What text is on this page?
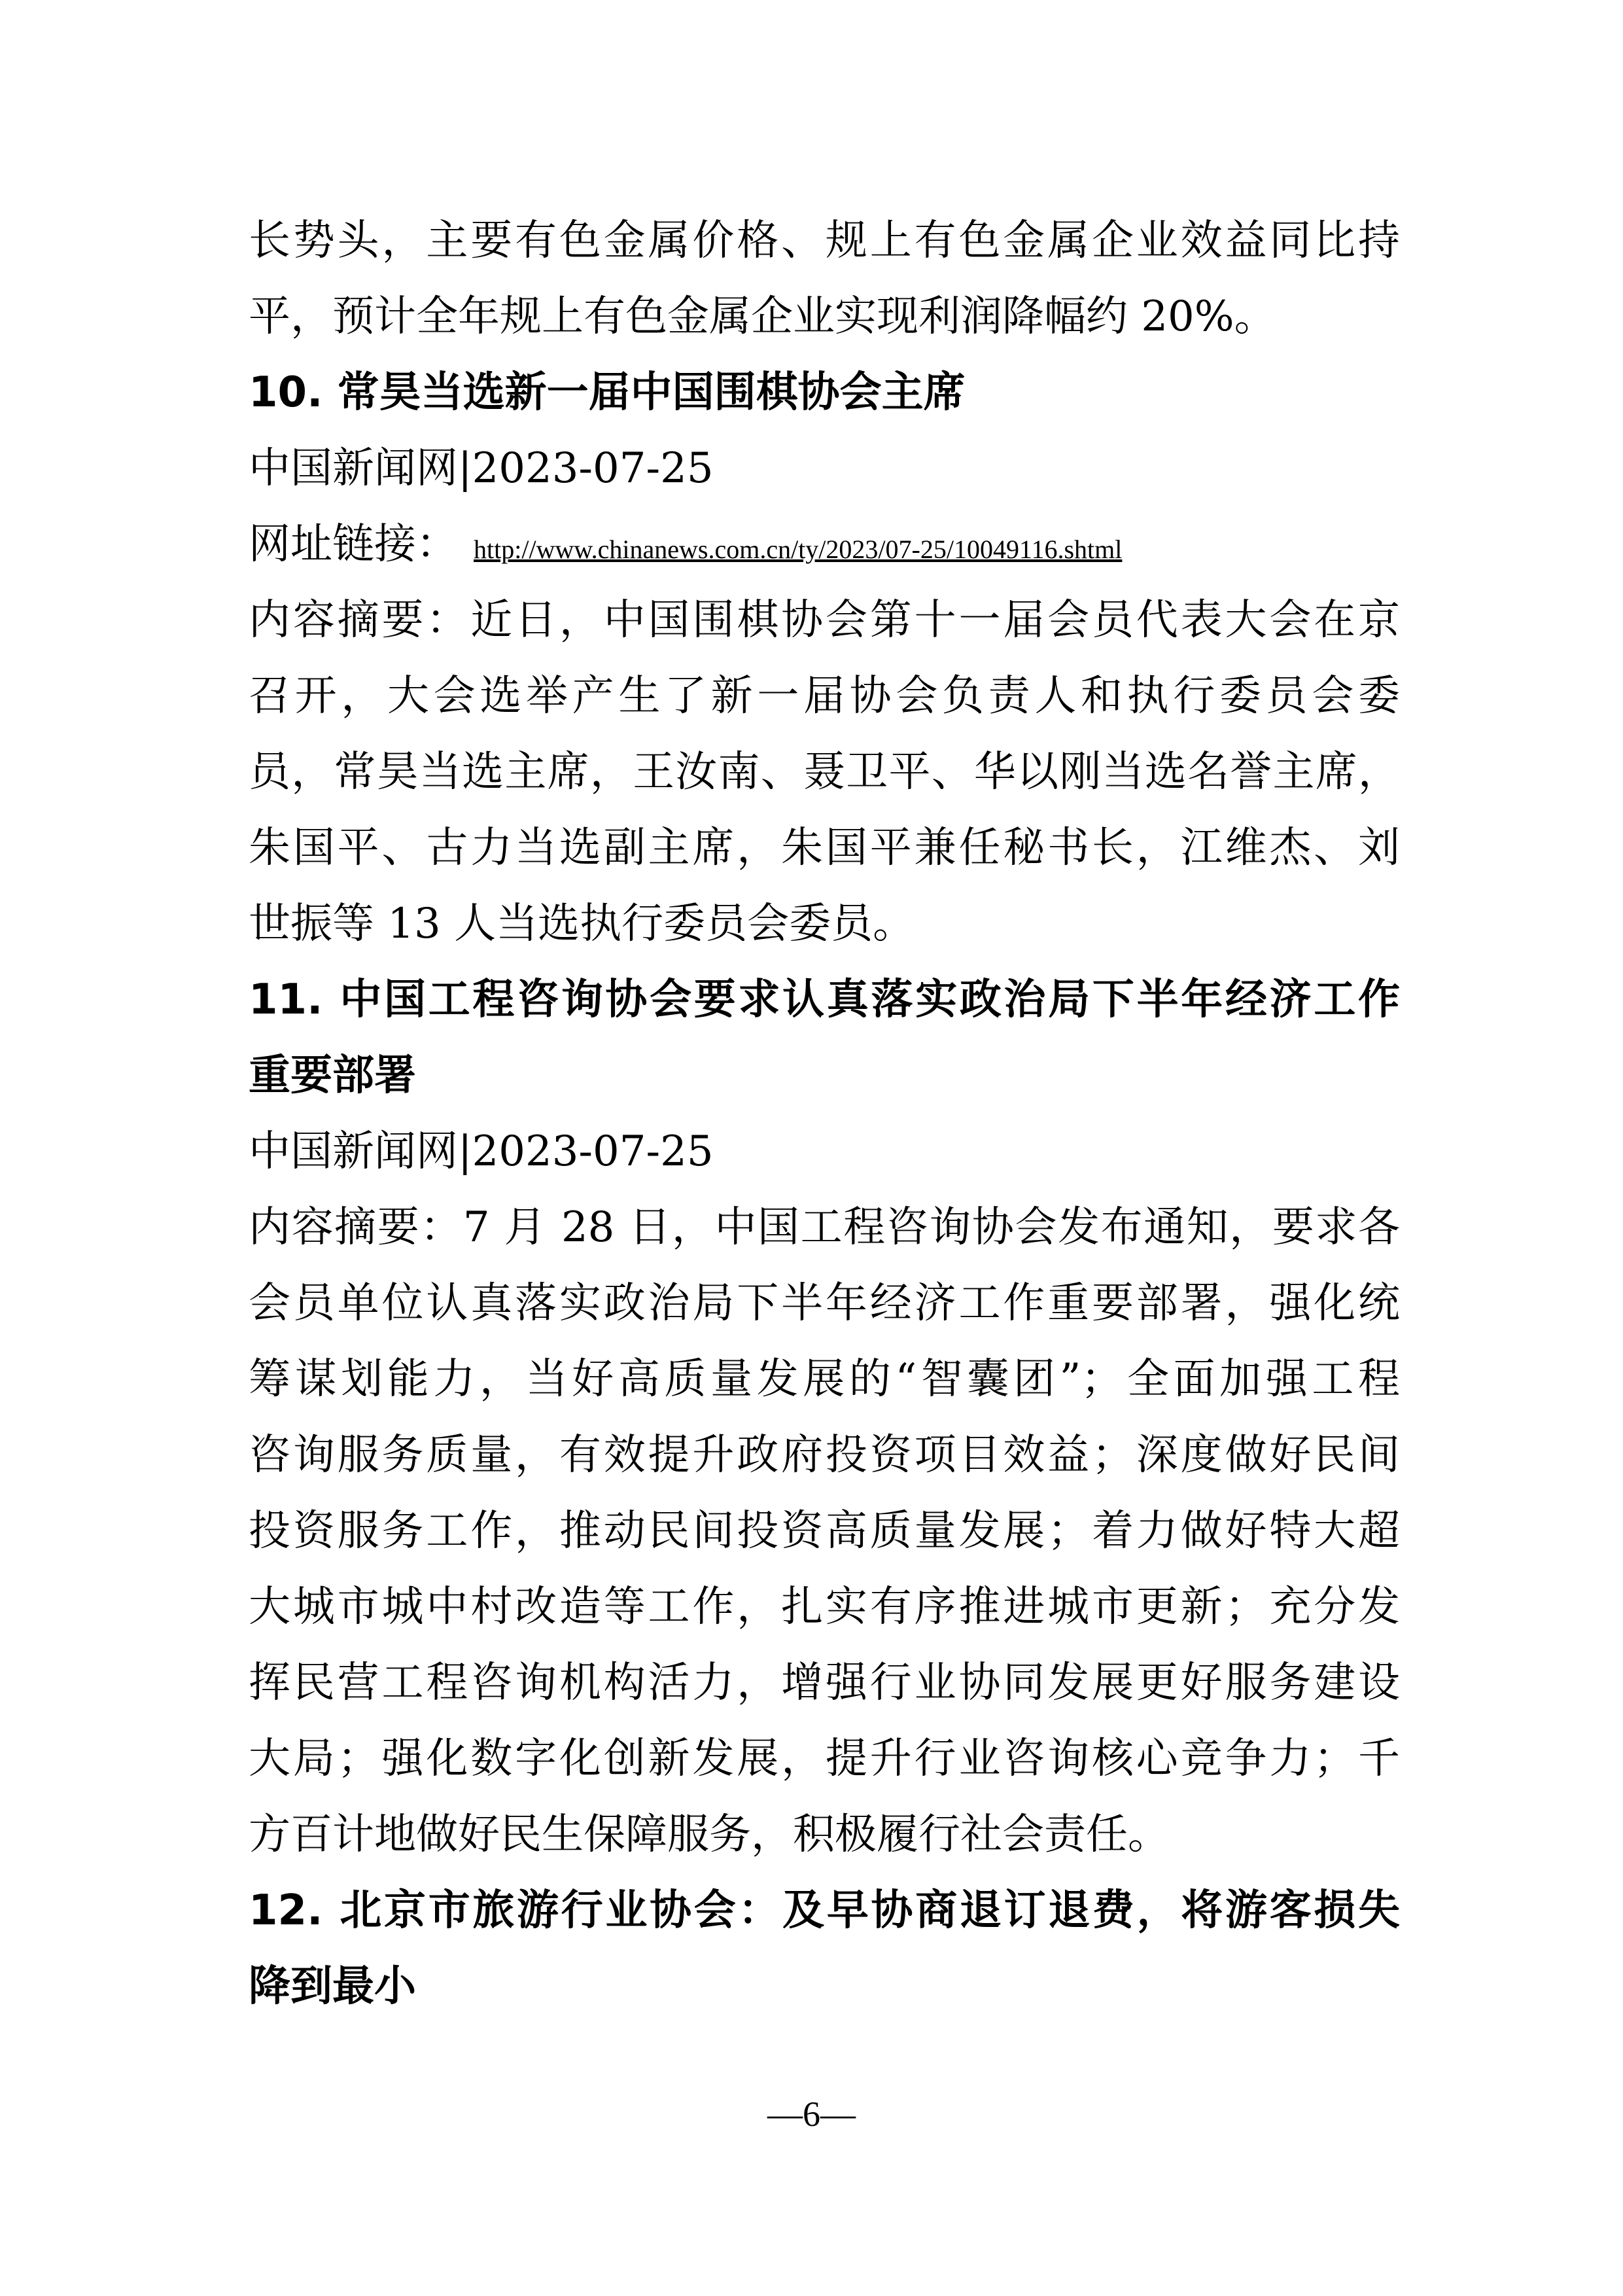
长势头，主要有色金属价格、规上有色金属企业效益同比持

平，预计全年规上有色金属企业实现利润降幅约 20%。

10. 常昊当选新一届中国围棋协会主席

中国新闻网|2023-07-25

网址链接： http://www.chinanews.com.cn/ty/2023/07-25/10049116.shtml

内容摘要：近日，中国围棋协会第十一届会员代表大会在京

召开，大会选举产生了新一届协会负责人和执行委员会委

员，常昊当选主席，王汝南、聂卫平、华以刚当选名誉主席，

朱国平、古力当选副主席，朱国平兼任秘书长，江维杰、刘

世振等 13 人当选执行委员会委员。

11. 中国工程咨询协会要求认真落实政治局下半年经济工作

重要部署

中国新闻网|2023-07-25

内容摘要：7 月 28 日，中国工程咨询协会发布通知，要求各

会员单位认真落实政治局下半年经济工作重要部署，强化统

筹谋划能力，当好高质量发展的“智囊团”；全面加强工程

咨询服务质量，有效提升政府投资项目效益；深度做好民间

投资服务工作，推动民间投资高质量发展；着力做好特大超

大城市城中村改造等工作，扎实有序推进城市更新；充分发

挥民营工程咨询机构活力，增强行业协同发展更好服务建设

大局；强化数字化创新发展，提升行业咨询核心竞争力；千

方百计地做好民生保障服务，积极履行社会责任。

12. 北京市旅游行业协会：及早协商退订退费，将游客损失

降到最小

—6—
